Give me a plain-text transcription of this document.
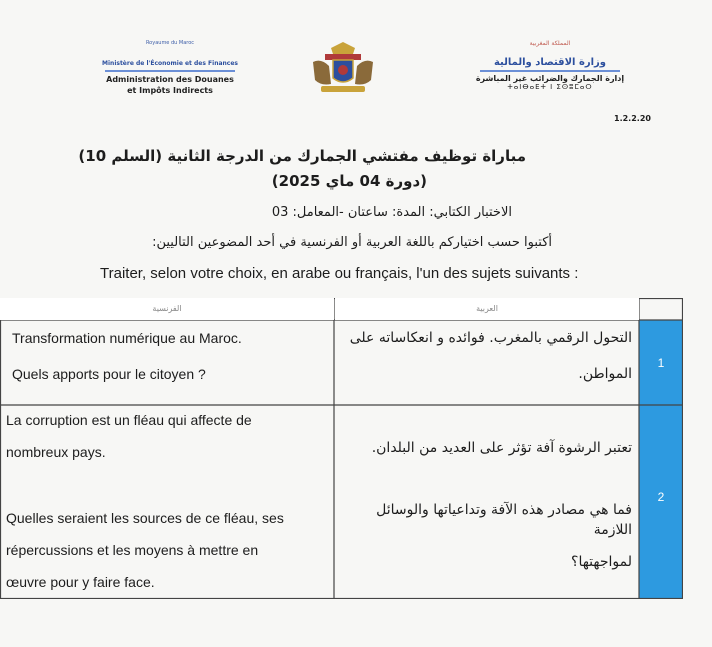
Royaume du Maroc
Ministère de l'Économie et des Finances
Administration des Douanes
et Impôts Indirects
المملكة المغربية
وزارة الاقتصاد والمالية
إدارة الجمارك والضرائب غير المباشرة
ⵜⴰⵏⴱⴰⴹⵜ ⵏ ⵉⵙⵓⵎⴰⵔ
1.2.2.20
مباراة توظيف مفتشي الجمارك من الدرجة الثانية (السلم 10)
(دورة 04 ماي 2025)
الاختبار الكتابي: المدة: ساعتان -المعامل: 03
أكتبوا حسب اختياركم باللغة العربية أو الفرنسية في أحد المضوعين التاليين:
Traiter, selon votre choix, en arabe ou français, l'un des sujets suivants :
الفرنسية	العربية
1
Transformation numérique au Maroc.
Quels apports pour le citoyen ?
التحول الرقمي بالمغرب. فوائده و انعكاساته على
المواطن.
2
La corruption est un fléau qui affecte de
nombreux pays.
Quelles seraient les sources de ce fléau, ses
répercussions et les moyens à mettre en
œuvre pour y faire face.
تعتبر الرشوة آفة تؤثر على العديد من البلدان.
فما هي مصادر هذه الآفة وتداعياتها والوسائل اللازمة
لمواجهتها؟
